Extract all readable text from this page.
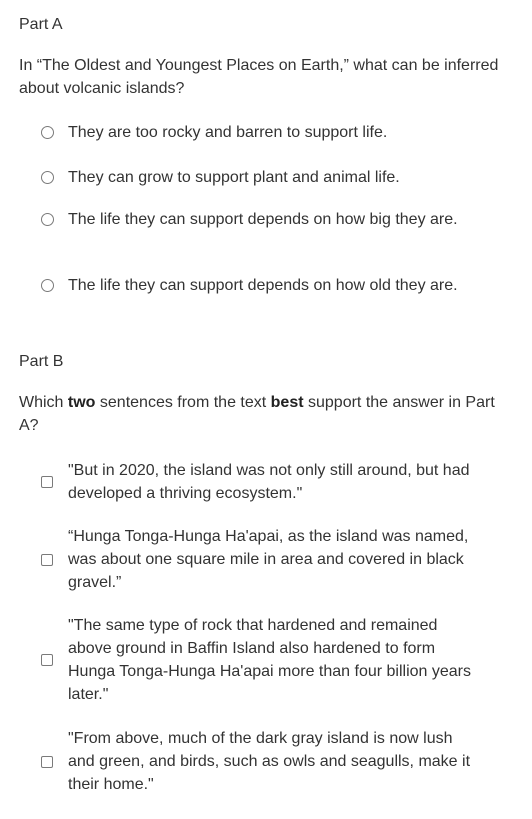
Part A
In “The Oldest and Youngest Places on Earth,” what can be inferred about volcanic islands?
They are too rocky and barren to support life.
They can grow to support plant and animal life.
The life they can support depends on how big they are.
The life they can support depends on how old they are.
Part B
Which two sentences from the text best support the answer in Part A?
"But in 2020, the island was not only still around, but had developed a thriving ecosystem."
“Hunga Tonga-Hunga Ha'apai, as the island was named, was about one square mile in area and covered in black gravel.”
"The same type of rock that hardened and remained above ground in Baffin Island also hardened to form Hunga Tonga-Hunga Ha'apai more than four billion years later."
"From above, much of the dark gray island is now lush and green, and birds, such as owls and seagulls, make it their home."
